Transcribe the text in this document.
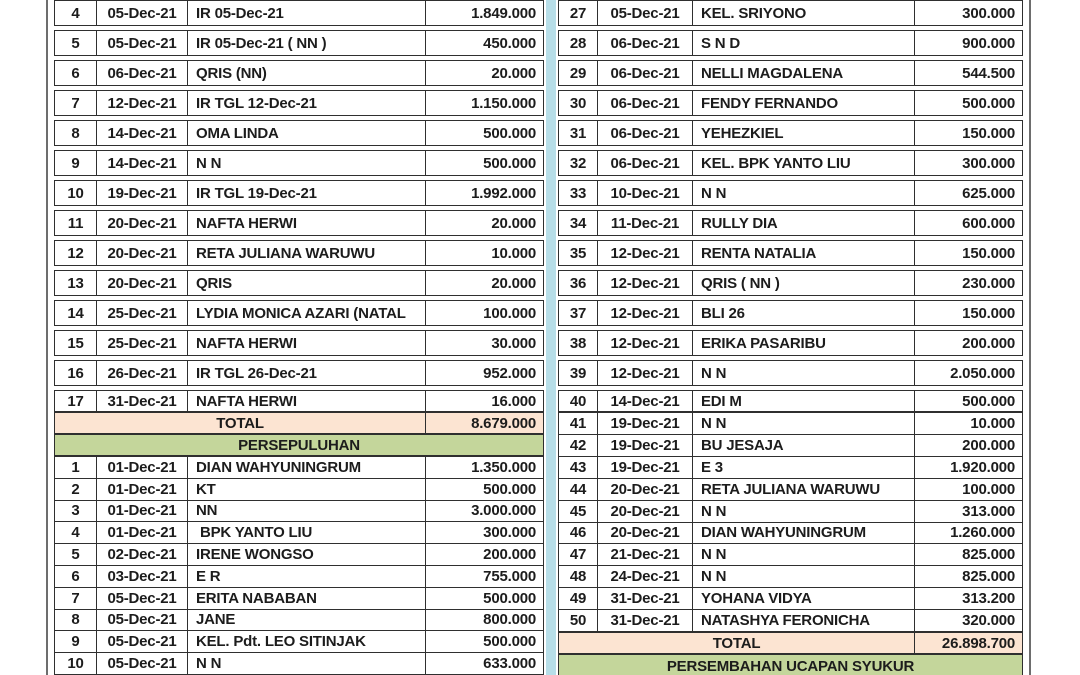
4	05-Dec-21	IR 05-Dec-21	1.849.000
5	05-Dec-21	IR 05-Dec-21 ( NN )	450.000
6	06-Dec-21	QRIS (NN)	20.000
7	12-Dec-21	IR TGL 12-Dec-21	1.150.000
8	14-Dec-21	OMA LINDA	500.000
9	14-Dec-21	N N	500.000
10	19-Dec-21	IR TGL 19-Dec-21	1.992.000
11	20-Dec-21	NAFTA HERWI	20.000
12	20-Dec-21	RETA JULIANA WARUWU	10.000
13	20-Dec-21	QRIS	20.000
14	25-Dec-21	LYDIA MONICA AZARI (NATAL	100.000
15	25-Dec-21	NAFTA HERWI	30.000
16	26-Dec-21	IR TGL 26-Dec-21	952.000
17	31-Dec-21	NAFTA HERWI	16.000
TOTAL	8.679.000
PERSEPULUHAN
1	01-Dec-21	DIAN WAHYUNINGRUM	1.350.000
2	01-Dec-21	KT	500.000
3	01-Dec-21	NN	3.000.000
4	01-Dec-21	BPK YANTO LIU	300.000
5	02-Dec-21	IRENE WONGSO	200.000
6	03-Dec-21	E R	755.000
7	05-Dec-21	ERITA NABABAN	500.000
8	05-Dec-21	JANE	800.000
9	05-Dec-21	KEL. Pdt. LEO SITINJAK	500.000
10	05-Dec-21	N N	633.000
27	05-Dec-21	KEL. SRIYONO	300.000
28	06-Dec-21	S N D	900.000
29	06-Dec-21	NELLI MAGDALENA	544.500
30	06-Dec-21	FENDY FERNANDO	500.000
31	06-Dec-21	YEHEZKIEL	150.000
32	06-Dec-21	KEL. BPK YANTO LIU	300.000
33	10-Dec-21	N N	625.000
34	11-Dec-21	RULLY DIA	600.000
35	12-Dec-21	RENTA NATALIA	150.000
36	12-Dec-21	QRIS ( NN )	230.000
37	12-Dec-21	BLI 26	150.000
38	12-Dec-21	ERIKA PASARIBU	200.000
39	12-Dec-21	N N	2.050.000
40	14-Dec-21	EDI M	500.000
41	19-Dec-21	N N	10.000
42	19-Dec-21	BU JESAJA	200.000
43	19-Dec-21	E 3	1.920.000
44	20-Dec-21	RETA JULIANA WARUWU	100.000
45	20-Dec-21	N N	313.000
46	20-Dec-21	DIAN WAHYUNINGRUM	1.260.000
47	21-Dec-21	N N	825.000
48	24-Dec-21	N N	825.000
49	31-Dec-21	YOHANA VIDYA	313.200
50	31-Dec-21	NATASHYA FERONICHA	320.000
TOTAL	26.898.700
PERSEMBAHAN UCAPAN SYUKUR
